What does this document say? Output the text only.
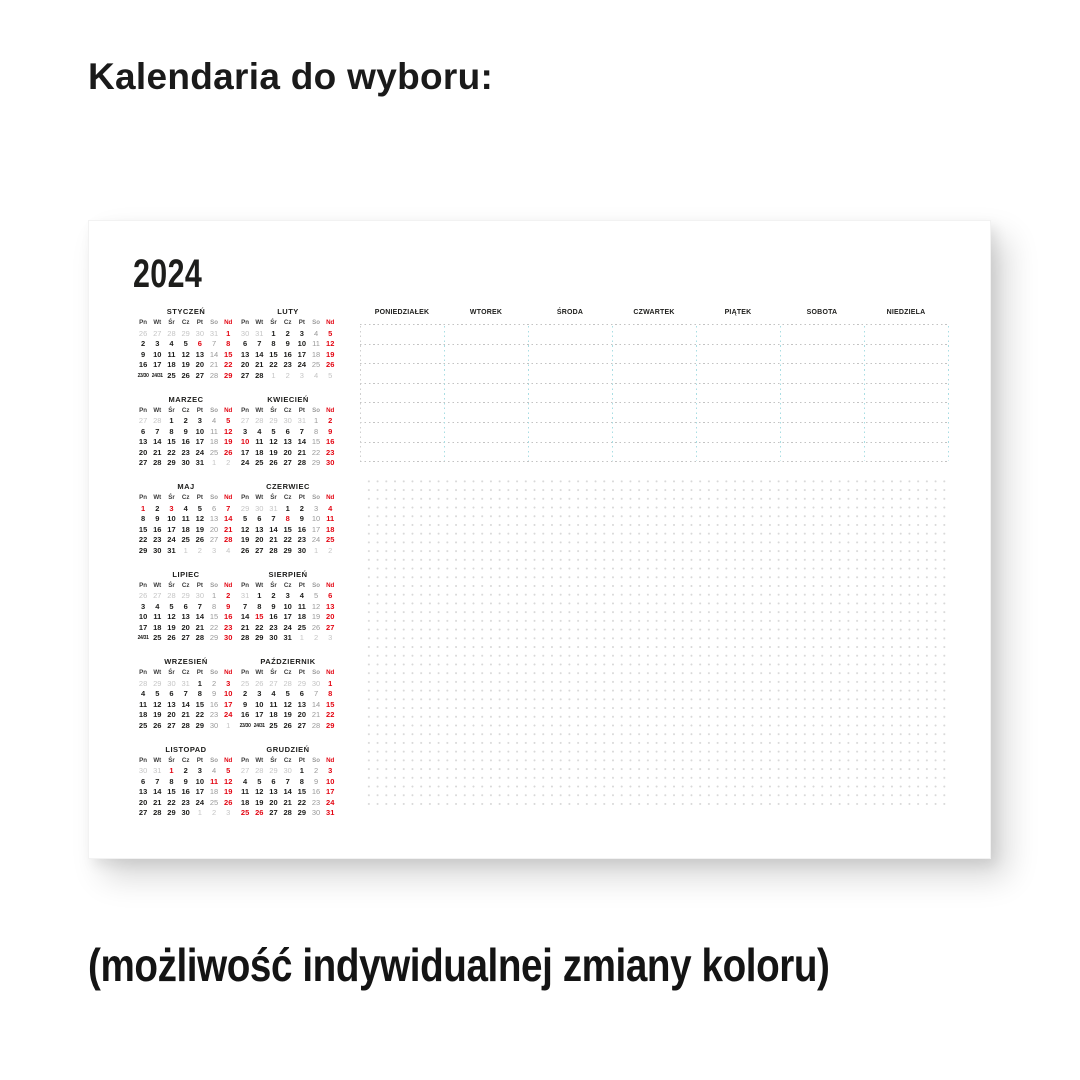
Kalendaria do wyboru:
2024
STYCZEŃ
Pn	Wt	Śr	Cz	Pt	So Nd
26 27 28 29 30 31	1
2	3	4	5	6	7	8
9	10 11 12 13 14 15
16 17 18 19 20 21 22
23/30 24/31 25 26 27 28 29
LUTY
Pn	Wt	Śr	Cz	Pt	So Nd
30 31	1	2	3	4	5
6	7	8	9	10 11 12
13 14 15 16 17 18 19
20 21 22 23 24 25 26
27 28	1	2	3	4	5
MARZEC
Pn	Wt	Śr	Cz	Pt	So Nd
27 28	1	2	3	4	5
6	7	8	9	10 11 12
13 14 15 16 17 18 19
20 21 22 23 24 25 26
27 28 29 30 31	1	2
KWIECIEŃ
Pn	Wt	Śr	Cz	Pt	So Nd
27 28 29 30 31	1	2
3	4	5	6	7	8	9
10 11 12 13 14 15 16
17 18 19 20 21 22 23
24 25 26 27 28 29 30
MAJ
Pn	Wt	Śr	Cz	Pt	So Nd
1	2	3	4	5	6	7
8	9	10 11 12 13 14
15 16 17 18 19 20 21
22 23 24 25 26 27 28
29 30 31	1	2	3	4
CZERWIEC
Pn	Wt	Śr	Cz	Pt	So Nd
29 30 31	1	2	3	4
5	6	7	8	9	10 11
12 13 14 15 16 17 18
19 20 21 22 23 24 25
26 27 28 29 30	1	2
LIPIEC
Pn	Wt	Śr	Cz	Pt	So Nd
26 27 28 29 30	1	2
3	4	5	6	7	8	9
10 11 12 13 14 15 16
17 18 19 20 21 22 23
24/31 25 26 27 28 29 30
SIERPIEŃ
Pn	Wt	Śr	Cz	Pt	So Nd
31	1	2	3	4	5	6
7	8	9	10 11 12 13
14 15 16 17 18 19 20
21 22 23 24 25 26 27
28 29 30 31	1	2	3
WRZESIEŃ
Pn	Wt	Śr	Cz	Pt	So Nd
28 29 30 31	1	2	3
4	5	6	7	8	9	10
11 12 13 14 15 16 17
18 19 20 21 22 23 24
25 26 27 28 29 30	1
PAŹDZIERNIK
Pn	Wt	Śr	Cz	Pt	So Nd
25 26 27 28 29 30	1
2	3	4	5	6	7	8
9	10 11 12 13 14 15
16 17 18 19 20 21 22
23/30 24/31 25 26 27 28 29
LISTOPAD
Pn	Wt	Śr	Cz	Pt	So Nd
30 31	1	2	3	4	5
6	7	8	9	10 11 12
13 14 15 16 17 18 19
20 21 22 23 24 25 26
27 28 29 30	1	2	3
GRUDZIEŃ
Pn	Wt	Śr	Cz	Pt	So Nd
27 28 29 30	1	2	3
4	5	6	7	8	9	10
11 12 13 14 15 16 17
18 19 20 21 22 23 24
25 26 27 28 29 30 31
PONIEDZIAŁEK	WTOREK	ŚRODA	CZWARTEK	PIĄTEK	SOBOTA	NIEDZIELA
(możliwość indywidualnej zmiany koloru)
